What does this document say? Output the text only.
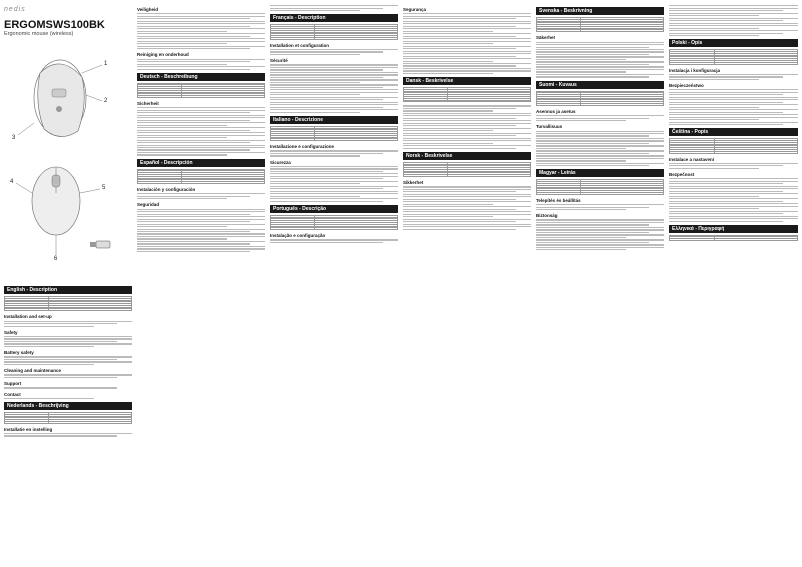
nedis
ERGOMSWS100BK
Ergonomic mouse (wireless)
1
2
3
4
5
6
English - Description

Installation and set-up
Safety
Battery safety
Cleaning and maintenance
Support
Contact
Nederlands - Beschrijving

Installatie en instelling
Veiligheid
Reiniging en onderhoud
Deutsch - Beschreibung

Sicherheit
Español - Descripción

Instalación y configuración
Seguridad
Français - Description

Installation et configuration
Sécurité
Italiano - Descrizione

Installazione e configurazione
Sicurezza
Português - Descrição

Instalação e configuração
Segurança
Dansk - Beskrivelse

Norsk - Beskrivelse

Sikkerhet
Svenska - Beskrivning

Säkerhet
Suomi - Kuvaus

Asennus ja asetus
Turvallisuus
Magyar - Leírás

Telepítés és beállítás
Biztonság
Polski - Opis

Instalacja i konfiguracja
Bezpieczeństwo
Čeština - Popis

Instalace a nastavení
Bezpečnost
Ελληνικά - Περιγραφή
